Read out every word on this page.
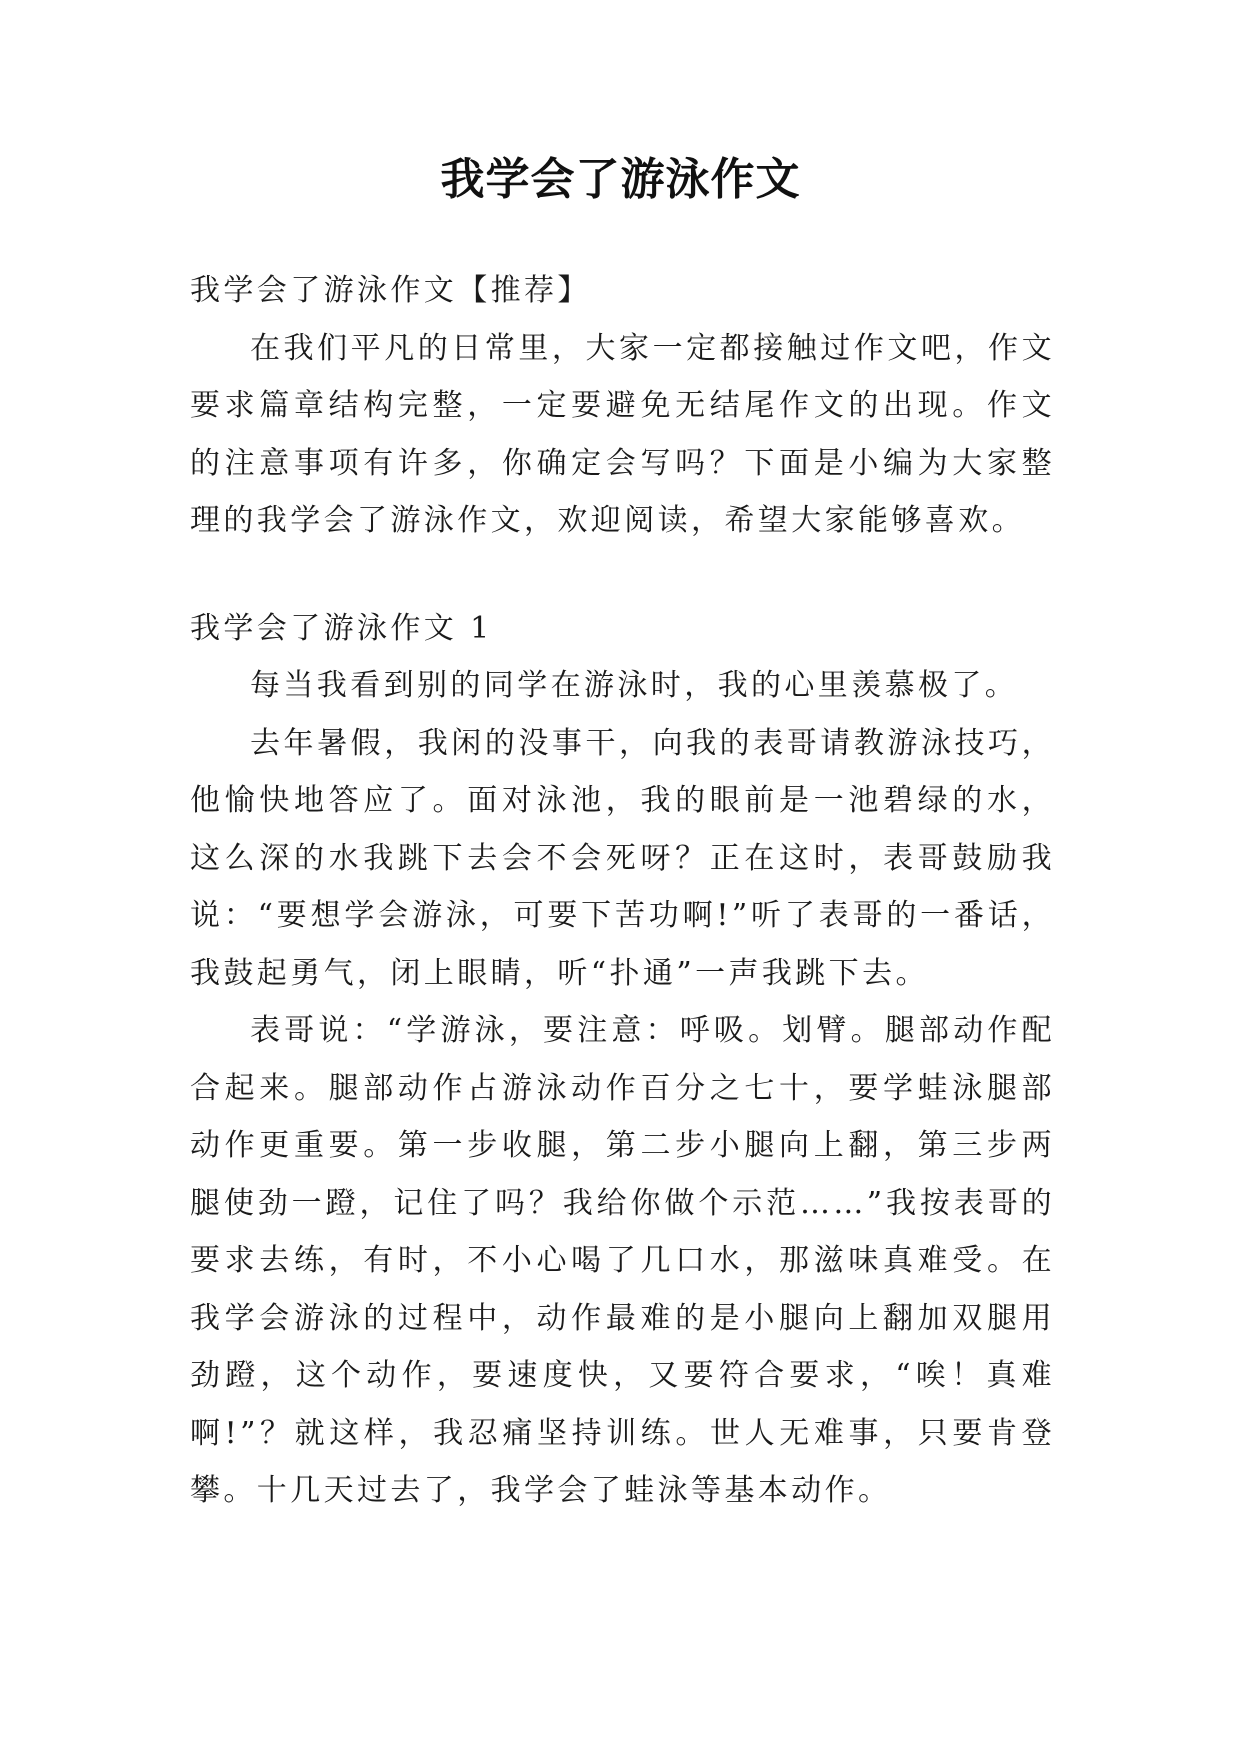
我学会了游泳作文

我学会了游泳作文【推荐】

在我们平凡的日常里，大家一定都接触过作文吧，作文要求篇章结构完整，一定要避免无结尾作文的出现。作文的注意事项有许多，你确定会写吗？下面是小编为大家整理的我学会了游泳作文，欢迎阅读，希望大家能够喜欢。

我学会了游泳作文 1

每当我看到别的同学在游泳时，我的心里羡慕极了。

去年暑假，我闲的没事干，向我的表哥请教游泳技巧，他愉快地答应了。面对泳池，我的眼前是一池碧绿的水，这么深的水我跳下去会不会死呀？正在这时，表哥鼓励我说：“要想学会游泳，可要下苦功啊!”听了表哥的一番话，我鼓起勇气，闭上眼睛，听“扑通”一声我跳下去。

表哥说：“学游泳，要注意：呼吸。划臂。腿部动作配合起来。腿部动作占游泳动作百分之七十，要学蛙泳腿部动作更重要。第一步收腿，第二步小腿向上翻，第三步两腿使劲一蹬，记住了吗？我给你做个示范……”我按表哥的要求去练，有时，不小心喝了几口水，那滋味真难受。在我学会游泳的过程中，动作最难的是小腿向上翻加双腿用劲蹬，这个动作，要速度快，又要符合要求，“唉！真难啊!”？就这样，我忍痛坚持训练。世人无难事，只要肯登攀。十几天过去了，我学会了蛙泳等基本动作。
